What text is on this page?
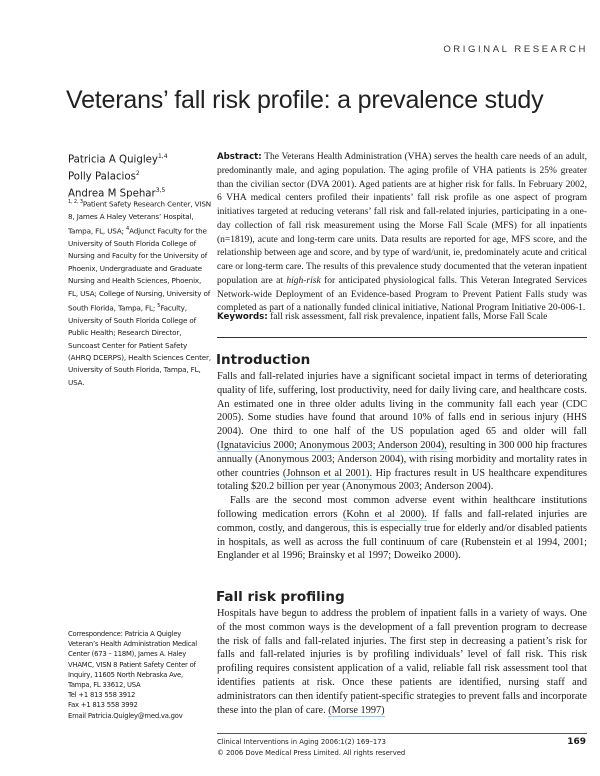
ORIGINAL RESEARCH
Veterans’ fall risk profile: a prevalence study
Patricia A Quigley$^{1,4}$
Polly Palacios$^2$
Andrea M Spehar$^{3,5}$
$^{1, 2, 3}$Patient Safety Research Center, VISN 8, James A Haley Veterans’ Hospital, Tampa, FL, USA; $^4$Adjunct Faculty for the University of South Florida College of Nursing and Faculty for the University of Phoenix, Undergraduate and Graduate Nursing and Health Sciences, Phoenix, FL, USA; College of Nursing, University of South Florida, Tampa, FL; $^5$Faculty, University of South Florida College of Public Health; Research Director, Suncoast Center for Patient Safety (AHRQ DCERPS), Health Sciences Center, University of South Florida, Tampa, FL, USA.
Correspondence: Patricia A Quigley
Veteran’s Health Administration Medical
Center (673 – 118M), James A. Haley
VHAMC, VISN 8 Patient Safety Center of
Inquiry, 11605 North Nebraska Ave,
Tampa, FL 33612, USA
Tel +1 813 558 3912
Fax +1 813 558 3992
Email Patricia.Quigley@med.va.gov
Abstract: The Veterans Health Administration (VHA) serves the health care needs of an adult, predominantly male, and aging population. The aging profile of VHA patients is 25% greater than the civilian sector (DVA 2001). Aged patients are at higher risk for falls. In February 2002, 6 VHA medical centers profiled their inpatients’ fall risk profile as one aspect of program initiatives targeted at reducing veterans’ fall risk and fall-related injuries, participating in a one-day collection of fall risk measurement using the Morse Fall Scale (MFS) for all inpatients (n=1819), acute and long-term care units. Data results are reported for age, MFS score, and the relationship between age and score, and by type of ward/unit, ie, predominately acute and critical care or long-term care. The results of this prevalence study documented that the veteran inpatient population are at high-risk for anticipated physiological falls. This Veteran Integrated Services Network-wide Deployment of an Evidence-based Program to Prevent Patient Falls study was completed as part of a nationally funded clinical initiative, National Program Initiative 20-006-1.
Keywords: fall risk assessment, fall risk prevalence, inpatient falls, Morse Fall Scale
Introduction

Falls and fall-related injuries have a significant societal impact in terms of deteriorating quality of life, suffering, lost productivity, need for daily living care, and healthcare costs. An estimated one in three older adults living in the community fall each year (CDC 2005). Some studies have found that around 10% of falls end in serious injury (HHS 2004). One third to one half of the US population aged 65 and older will fall (Ignatavicius 2000; Anonymous 2003; Anderson 2004), resulting in 300 000 hip fractures annually (Anonymous 2003; Anderson 2004), with rising morbidity and mortality rates in other countries (Johnson et al 2001). Hip fractures result in US healthcare expenditures totaling $20.2 billion per year (Anonymous 2003; Anderson 2004).

Falls are the second most common adverse event within healthcare institutions following medication errors (Kohn et al 2000). If falls and fall-related injuries are common, costly, and dangerous, this is especially true for elderly and/or disabled patients in hospitals, as well as across the full continuum of care (Rubenstein et al 1994, 2001; Englander et al 1996; Brainsky et al 1997; Doweiko 2000).

Fall risk profiling

Hospitals have begun to address the problem of inpatient falls in a variety of ways. One of the most common ways is the development of a fall prevention program to decrease the risk of falls and fall-related injuries. The first step in decreasing a patient’s risk for falls and fall-related injuries is by profiling individuals’ level of fall risk. This risk profiling requires consistent application of a valid, reliable fall risk assessment tool that identifies patients at risk. Once these patients are identified, nursing staff and administrators can then identify patient-specific strategies to prevent falls and incorporate these into the plan of care. (Morse 1997)

Clinical Interventions in Aging 2006:1(2) 169–173
© 2006 Dove Medical Press Limited. All rights reserved
169
